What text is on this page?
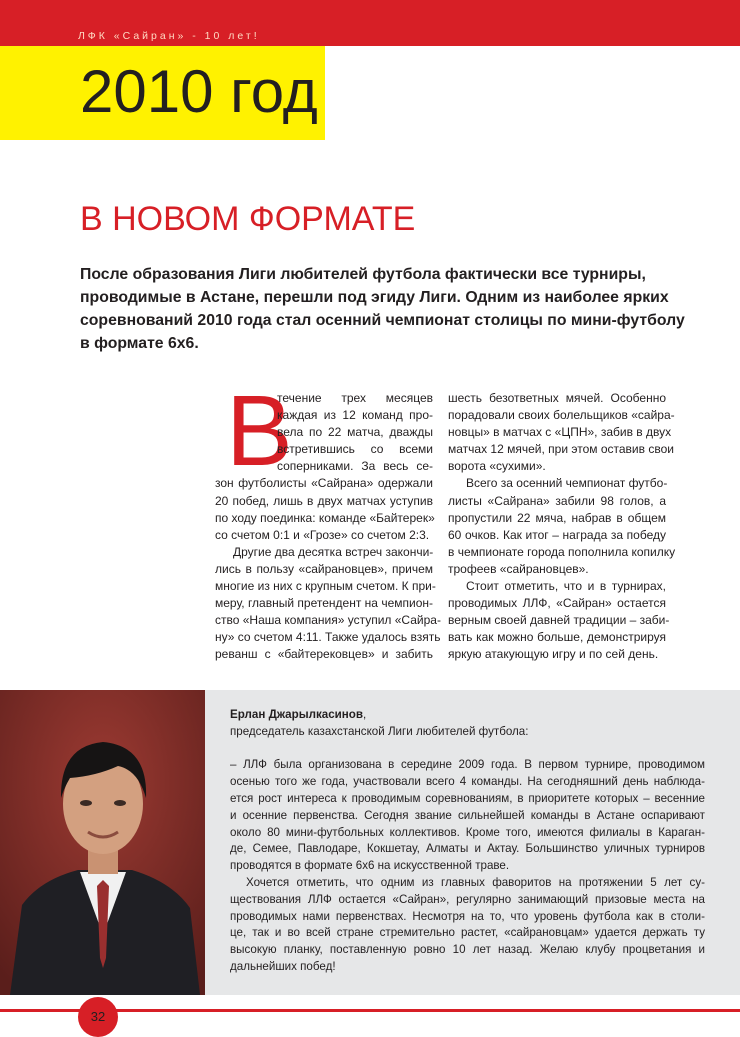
ЛФК «Сайран» - 10 лет!
2010 год
В НОВОМ ФОРМАТЕ

После образования Лиги любителей футбола фактически все турниры,

проводимые в Астане, перешли под эгиду Лиги. Одним из наиболее ярких

соревнований 2010 года стал осенний чемпионат столицы по мини-футболу

в формате 6х6.

В

течение трех месяцев

каждая из 12 команд про-

вела по 22 матча, дважды

встретившись со всеми

соперниками. За весь се-

зон футболисты «Сайрана» одержали

20 побед, лишь в двух матчах уступив

по ходу поединка: команде «Байтерек»

со счетом 0:1 и «Грозе» со счетом 2:3.

Другие два десятка встреч закончи-

лись в пользу «сайрановцев», причем

многие из них с крупным счетом. К при-

меру, главный претендент на чемпион-

ство «Наша компания» уступил «Сайра-

ну» со счетом 4:11. Также удалось взять

реванш с «байтерековцев» и забить

шесть безответных мячей. Особенно

порадовали своих болельщиков «сайра-

новцы» в матчах с «ЦПН», забив в двух

матчах 12 мячей, при этом оставив свои

ворота «сухими».

Всего за осенний чемпионат футбо-

листы «Сайрана» забили 98 голов, а

пропустили 22 мяча, набрав в общем

60 очков. Как итог – награда за победу

в чемпионате города пополнила копилку

трофеев «сайрановцев».

Стоит отметить, что и в турнирах,

проводимых ЛЛФ, «Сайран» остается

верным своей давней традиции – заби-

вать как можно больше, демонстрируя

яркую атакующую игру и по сей день.

Ерлан Джарылкасинов,

председатель казахстанской Лиги любителей футбола:

– ЛЛФ была организована в середине 2009 года. В первом турнире, проводимом

осенью того же года, участвовали всего 4 команды. На сегодняшний день наблюда-

ется рост интереса к проводимым соревнованиям, в приоритете которых – весенние

и осенние первенства. Сегодня звание сильнейшей команды в Астане оспаривают

около 80 мини-футбольных коллективов. Кроме того, имеются филиалы в Караган-

де, Семее, Павлодаре, Кокшетау, Алматы и Актау. Большинство уличных турниров

проводятся в формате 6х6 на искусственной траве.

Хочется отметить, что одним из главных фаворитов на протяжении 5 лет су-

ществования ЛЛФ остается «Сайран», регулярно занимающий призовые места на

проводимых нами первенствах. Несмотря на то, что уровень футбола как в столи-

це, так и во всей стране стремительно растет, «сайрановцам» удается держать ту

высокую планку, поставленную ровно 10 лет назад. Желаю клубу процветания и

дальнейших побед!

32
